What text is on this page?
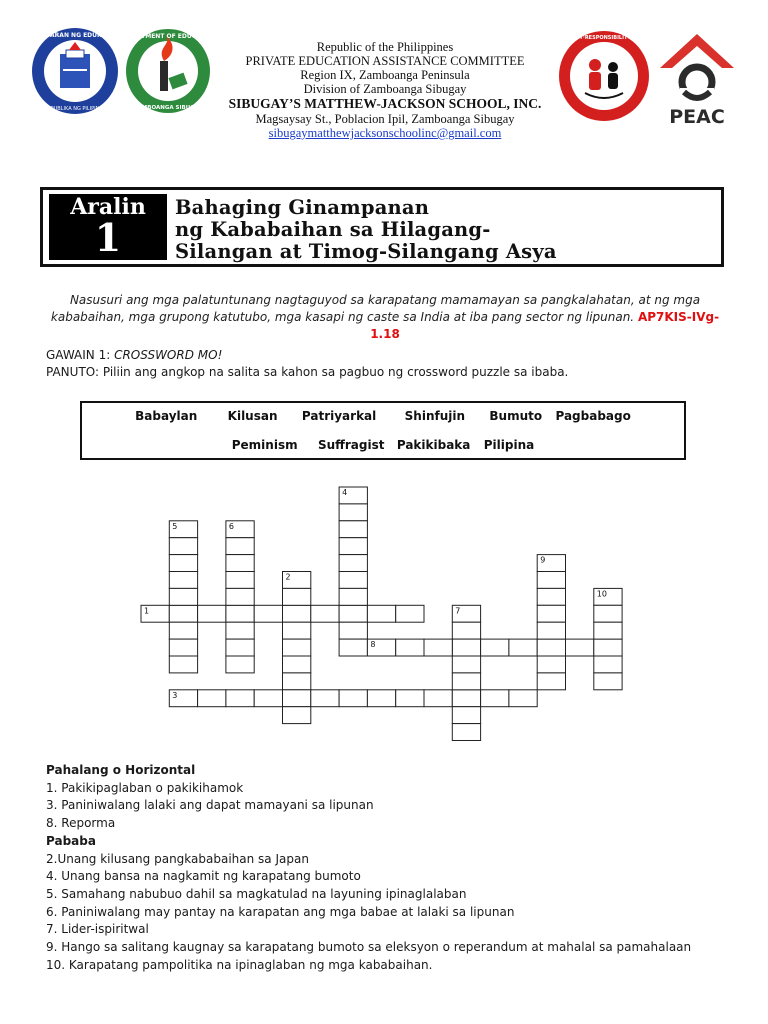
KAGAWARAN NG EDUKASYON
REPUBLIKA NG PILIPINAS
DEPARTMENT OF EDUCATION
ZAMBOANGA SIBUGAY
FAITH·RESPECT·RESPONSIBILITY·EXCELLENCE
PEAC
Republic of the Philippines
PRIVATE EDUCATION ASSISTANCE COMMITTEE
Region IX, Zamboanga Peninsula
Division of Zamboanga Sibugay
SIBUGAY’S MATTHEW-JACKSON SCHOOL, INC.
Magsaysay St., Poblacion Ipil, Zamboanga Sibugay
sibugaymatthewjacksonschoolinc@gmail.com
Aralin
1
Bahaging Ginampanan
ng Kababaihan sa Hilagang-
Silangan at Timog-Silangang Asya
Nasusuri ang mga palatuntunang nagtaguyod sa karapatang mamamayan sa pangkalahatan, at ng mga kababaihan, mga grupong katutubo, mga kasapi ng caste sa India at iba pang sector ng lipunan. AP7KIS-IVg-1.18
GAWAIN 1: CROSSWORD MO!
PANUTO: Piliin ang angkop na salita sa kahon sa pagbuo ng crossword puzzle sa ibaba.
Babaylan	Kilusan Patriyarkal Shinfujin Bumuto Pagbabago
Peminism Suffragist Pakikibaka Pilipina
1
2
3
4
5	6
7
8
9
10
Pahalang o Horizontal
1. Pakikipaglaban o pakikihamok
3. Paniniwalang lalaki ang dapat mamayani sa lipunan
8. Reporma
Pababa
2.Unang kilusang pangkababaihan sa Japan
4. Unang bansa na nagkamit ng karapatang bumoto
5. Samahang nabubuo dahil sa magkatulad na layuning ipinaglalaban
6. Paniniwalang may pantay na karapatan ang mga babae at lalaki sa lipunan
7. Lider-ispiritwal
9. Hango sa salitang kaugnay sa karapatang bumoto sa eleksyon o reperandum at mahalal sa pamahalaan
10. Karapatang pampolitika na ipinaglaban ng mga kababaihan.
